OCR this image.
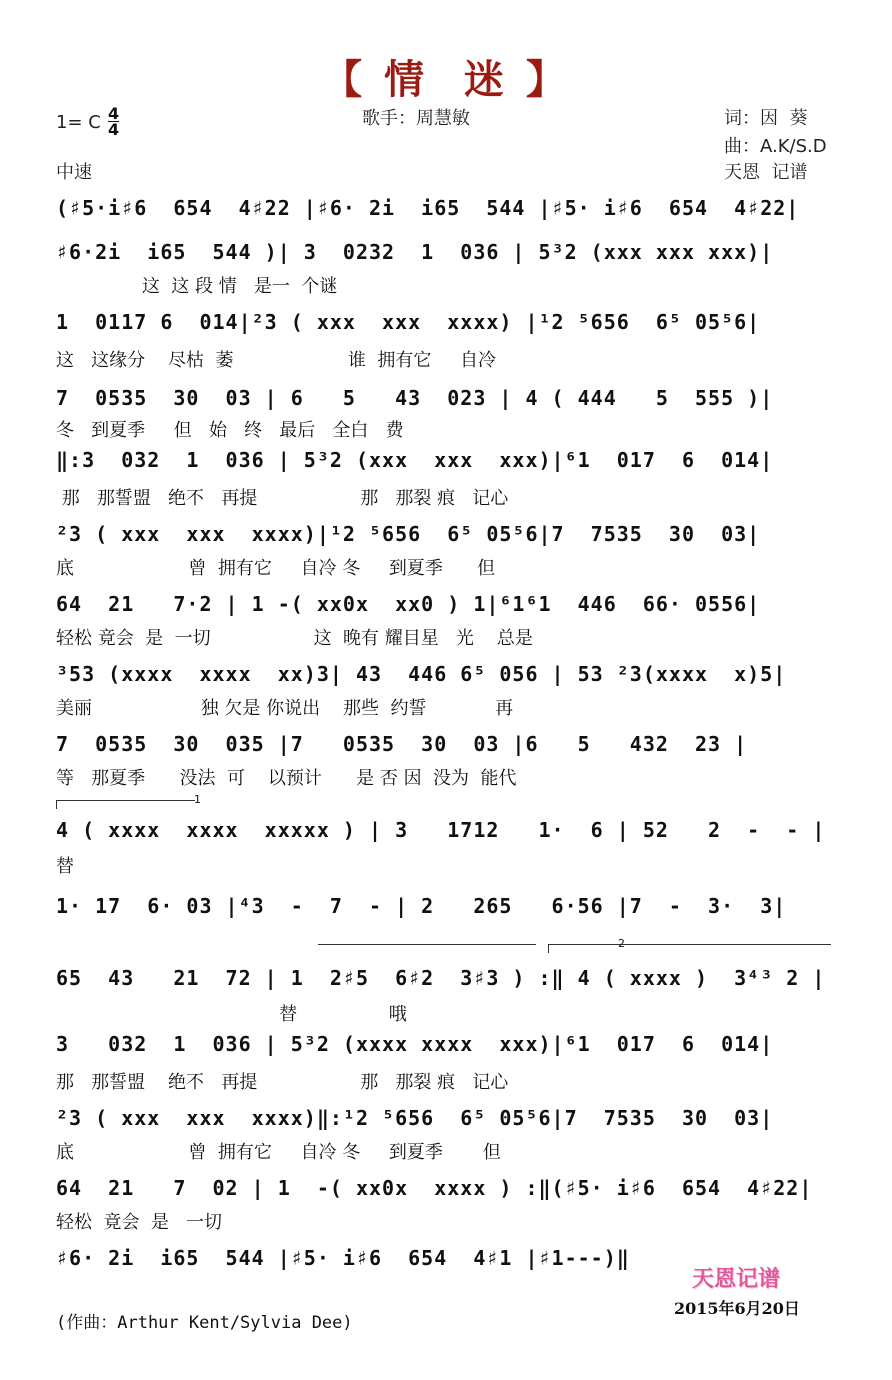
【 情  迷 】
1= C $\frac{4}{4}$	歌手：周慧敏	词：因  葵
曲：A.K/S.D
中速	天恩  记谱
(♯5·i♯6  654  4♯22 |♯6· 2i  i65  544 |♯5· i♯6  654  4♯22|
♯6·2i  i65  544 )| 3  0232  1  036 | 5³2 (xxx xxx xxx)|
这  这 段 情   是一  个谜
1  0117 6  014|²3 ( xxx  xxx  xxxx) |¹2 ⁵656  6⁵ 05⁵6|
这   这缘分    尽枯  萎                    谁  拥有它     自冷
7  0535  30  03 | 6   5   43  023 | 4 ( 444   5  555 )|
冬   到夏季     但   始   终   最后   全白   费
‖:3  032  1  036 | 5³2 (xxx  xxx  xxx)|⁶1  017  6  014|
那   那誓盟   绝不   再提                  那   那裂 痕   记心
²3 ( xxx  xxx  xxxx)|¹2 ⁵656  6⁵ 05⁵6|7  7535  30  03|
底                    曾  拥有它     自冷 冬     到夏季      但
64  21   7·2 | 1 -( xx0x  xx0 ) 1|⁶1⁶1  446  66· 0556|
轻松 竟会  是  一切                  这  晚有 耀目星   光    总是
³53 (xxxx  xxxx  xx)3| 43  446 6⁵ 056 | 53 ²3(xxxx  x)5|
美丽                   独 欠是 你说出    那些  约誓            再
7  0535  30  035 |7   0535  30  03 |6   5   432  23 |
等   那夏季      没法  可    以预计      是 否 因  没为  能代
1
4 ( xxxx  xxxx  xxxxx ) | 3   1712   1·  6 | 52   2  -  - |
替
1· 17  6· 03 |⁴3  -  7  - | 2   265   6·56 |7  -  3·  3|
2
65  43   21  72 | 1  2♯5  6♯2  3♯3 ) :‖ 4 ( xxxx )  3⁴³ 2 |
替                哦
3   032  1  036 | 5³2 (xxxx xxxx  xxx)|⁶1  017  6  014|
那   那誓盟    绝不   再提                  那   那裂 痕   记心
²3 ( xxx  xxx  xxxx)‖:¹2 ⁵656  6⁵ 05⁵6|7  7535  30  03|
底                    曾  拥有它     自冷 冬     到夏季       但
64  21   7  02 | 1  -( xx0x  xxxx ) :‖(♯5· i♯6  654  4♯22|
轻松  竟会  是   一切
♯6· 2i  i65  544 |♯5· i♯6  654  4♯1 |♯1---)‖
天恩记谱
2015年6月20日
(作曲：Arthur Kent/Sylvia Dee)
